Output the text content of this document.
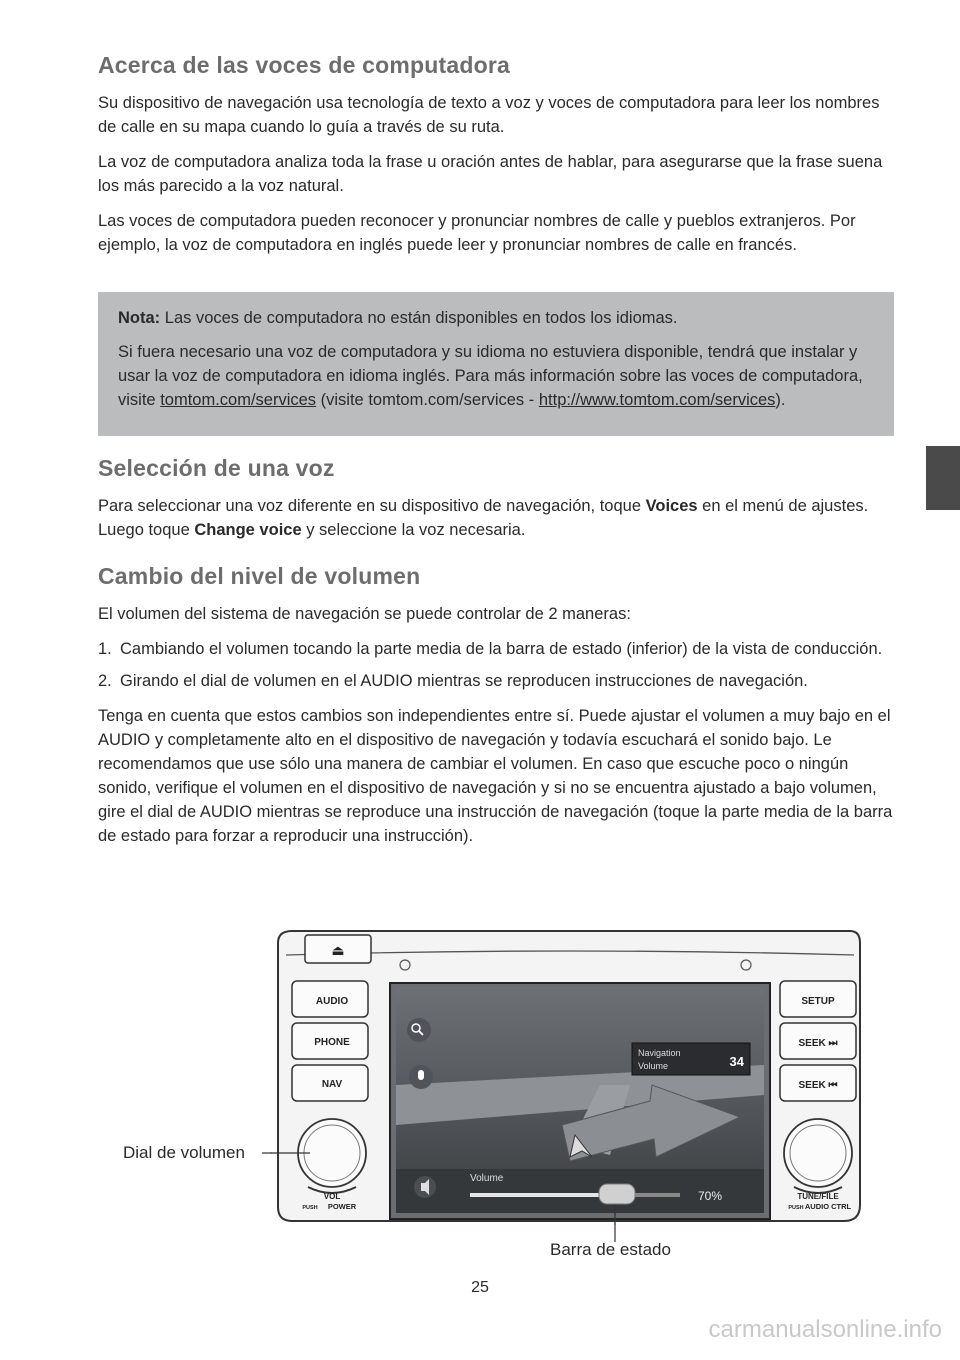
Acerca de las voces de computadora

Su dispositivo de navegación usa tecnología de texto a voz y voces de computadora para leer los nombres de calle en su mapa cuando lo guía a través de su ruta.

La voz de computadora analiza toda la frase u oración antes de hablar, para asegurarse que la frase suena los más parecido a la voz natural.

Las voces de computadora pueden reconocer y pronunciar nombres de calle y pueblos extranjeros. Por ejemplo, la voz de computadora en inglés puede leer y pronunciar nombres de calle en francés.

Nota: Las voces de computadora no están disponibles en todos los idiomas.

Si fuera necesario una voz de computadora y su idioma no estuviera disponible, tendrá que instalar y usar la voz de computadora en idioma inglés. Para más información sobre las voces de computadora, visite tomtom.com/services (visite tomtom.com/services - http://www.tomtom.com/services).

Selección de una voz

Para seleccionar una voz diferente en su dispositivo de navegación, toque Voices en el menú de ajustes. Luego toque Change voice y seleccione la voz necesaria.

Cambio del nivel de volumen

El volumen del sistema de navegación se puede controlar de 2 maneras:

1. Cambiando el volumen tocando la parte media de la barra de estado (inferior) de la vista de conducción.
2. Girando el dial de volumen en el AUDIO mientras se reproducen instrucciones de navegación.

Tenga en cuenta que estos cambios son independientes entre sí. Puede ajustar el volumen a muy bajo en el AUDIO y completamente alto en el dispositivo de navegación y todavía escuchará el sonido bajo. Le recomendamos que use sólo una manera de cambiar el volumen. En caso que escuche poco o ningún sonido, verifique el volumen en el dispositivo de navegación y si no se encuentra ajustado a bajo volumen, gire el dial de AUDIO mientras se reproduce una instrucción de navegación (toque la parte media de la barra de estado para forzar a reproducir una instrucción).

⏏
AUDIO
PHONE
NAV
SETUP
SEEK ⏭
SEEK ⏮
VOL
PUSH POWER
TUNE/FILE
PUSH AUDIO CTRL
Navigation
Volume	34
Volume
70%
Dial de volumen
Barra de estado
25
carmanualsonline.info
